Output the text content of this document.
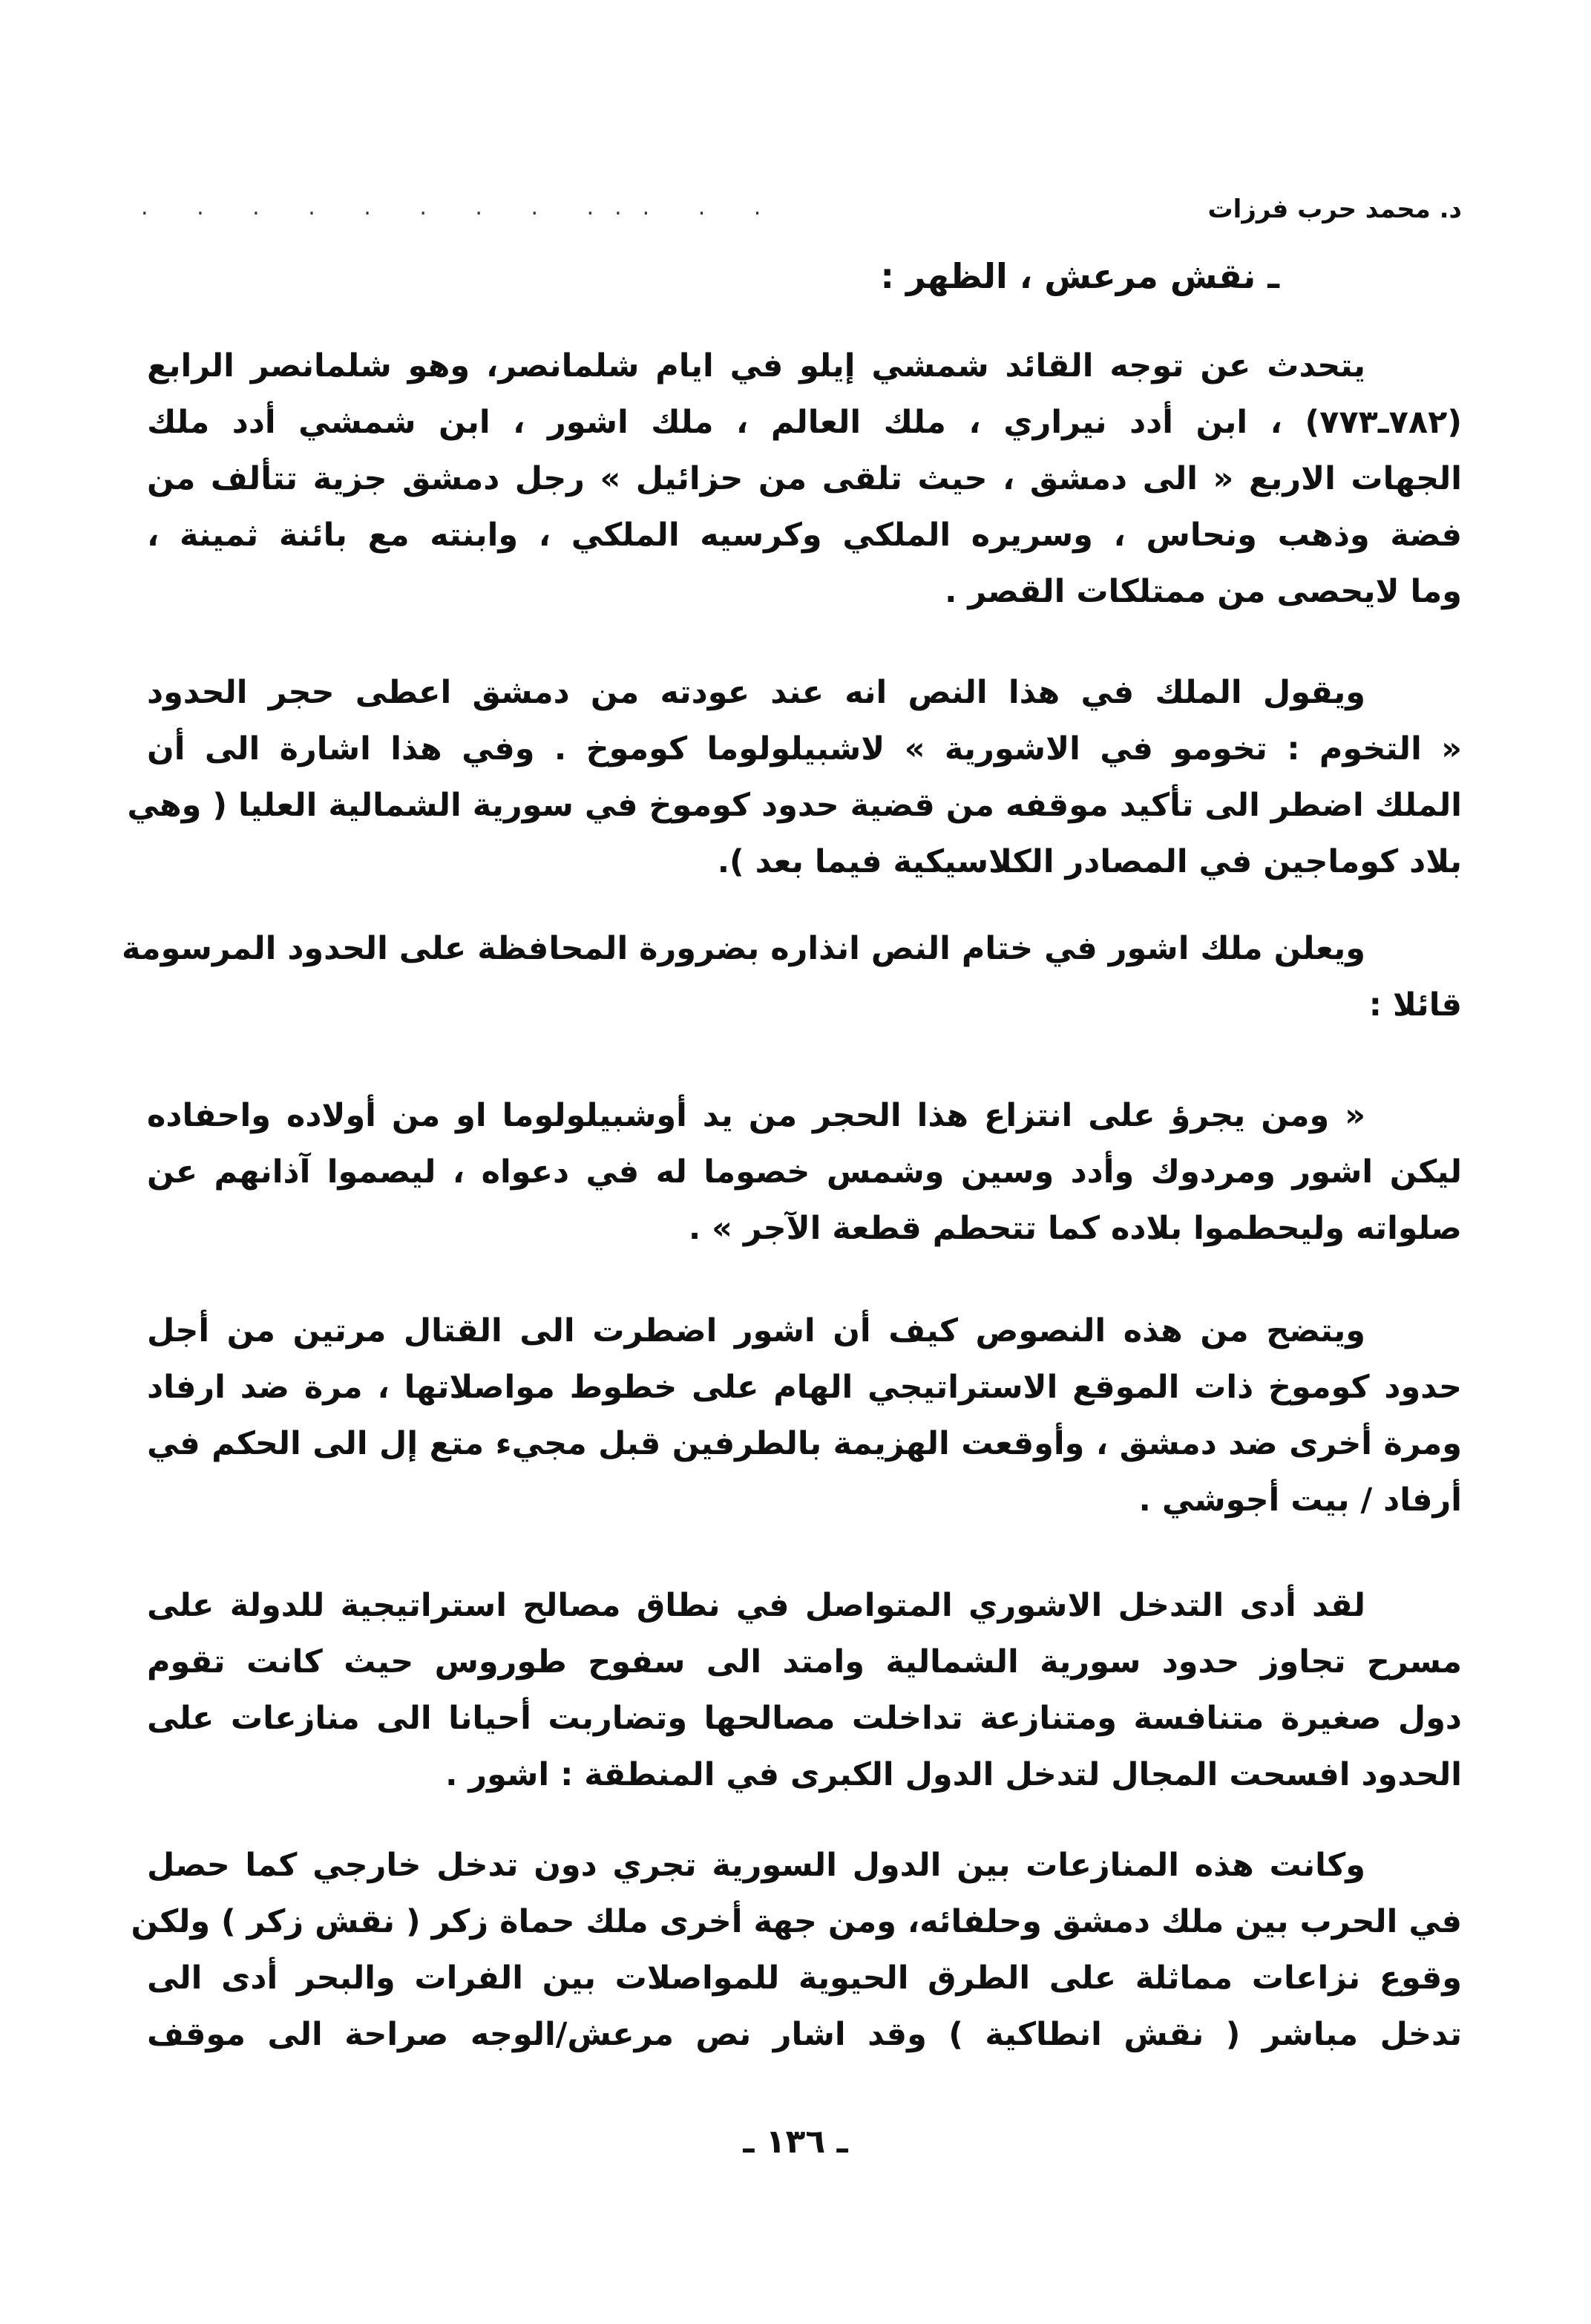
د. محمد حرب فرزات
. . . . . . . . ... . .
ـ نقش مرعش ، الظهر :
يتحدث عن توجه القائد شمشي إيلو في ايام شلمانصر، وهو شلمانصر الرابع
(٧٨٢ـ٧٧٣) ، ابن أدد نيراري ، ملك العالم ، ملك اشور ، ابن شمشي أدد ملك
الجهات الاربع « الى دمشق ، حيث تلقى من حزائيل » رجل دمشق جزية تتألف من
فضة وذهب ونحاس ، وسريره الملكي وكرسيه الملكي ، وابنته مع بائنة ثمينة ،
وما لايحصى من ممتلكات القصر .
ويقول الملك في هذا النص انه عند عودته من دمشق اعطى حجر الحدود
« التخوم : تخومو في الاشورية » لاشبيلولوما كوموخ . وفي هذا اشارة الى أن
الملك اضطر الى تأكيد موقفه من قضية حدود كوموخ في سورية الشمالية العليا ( وهي
بلاد كوماجين في المصادر الكلاسيكية فيما بعد ).
ويعلن ملك اشور في ختام النص انذاره بضرورة المحافظة على الحدود المرسومة
قائلا :
« ومن يجرؤ على انتزاع هذا الحجر من يد أوشبيلولوما او من أولاده واحفاده
ليكن اشور ومردوك وأدد وسين وشمس خصوما له في دعواه ، ليصموا آذانهم عن
صلواته وليحطموا بلاده كما تتحطم قطعة الآجر » .
ويتضح من هذه النصوص كيف أن اشور اضطرت الى القتال مرتين من أجل
حدود كوموخ ذات الموقع الاستراتيجي الهام على خطوط مواصلاتها ، مرة ضد ارفاد
ومرة أخرى ضد دمشق ، وأوقعت الهزيمة بالطرفين قبل مجيء متع إل الى الحكم في
أرفاد / بيت أجوشي .
لقد أدى التدخل الاشوري المتواصل في نطاق مصالح استراتيجية للدولة على
مسرح تجاوز حدود سورية الشمالية وامتد الى سفوح طوروس حيث كانت تقوم
دول صغيرة متنافسة ومتنازعة تداخلت مصالحها وتضاربت أحيانا الى منازعات على
الحدود افسحت المجال لتدخل الدول الكبرى في المنطقة : اشور .
وكانت هذه المنازعات بين الدول السورية تجري دون تدخل خارجي كما حصل
في الحرب بين ملك دمشق وحلفائه، ومن جهة أخرى ملك حماة زكر ( نقش زكر ) ولكن
وقوع نزاعات مماثلة على الطرق الحيوية للمواصلات بين الفرات والبحر أدى الى
تدخل مباشر ( نقش انطاكية ) وقد اشار نص مرعش/الوجه صراحة الى موقف
ـ ١٣٦ ـ
